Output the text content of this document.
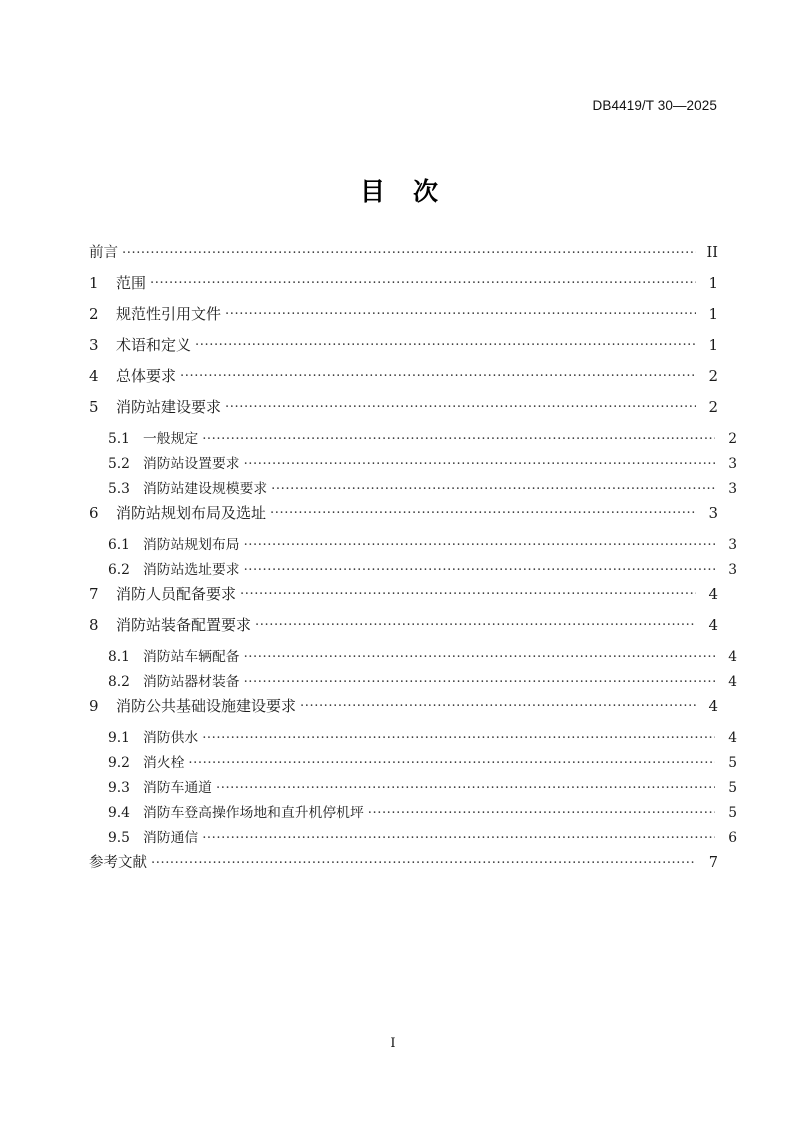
DB4419/T 30—2025
目 次
前言 .....	II
1	范围 .....	1
2	规范性引用文件 .....	1
3	术语和定义 .....	1
4	总体要求 .....	2
5	消防站建设要求 .....	2
5.1 一般规定 .....	2
5.2 消防站设置要求 .....	3
5.3 消防站建设规模要求 .....	3
6	消防站规划布局及选址 .....	3
6.1 消防站规划布局 .....	3
6.2 消防站选址要求 .....	3
7	消防人员配备要求 .....	4
8	消防站装备配置要求 .....	4
8.1 消防站车辆配备 .....	4
8.2 消防站器材装备 .....	4
9	消防公共基础设施建设要求 .....	4
9.1 消防供水 .....	4
9.2 消火栓 .....	5
9.3 消防车通道 .....	5
9.4 消防车登高操作场地和直升机停机坪 .....	5
9.5 消防通信 .....	6
参考文献 .....	7
I
